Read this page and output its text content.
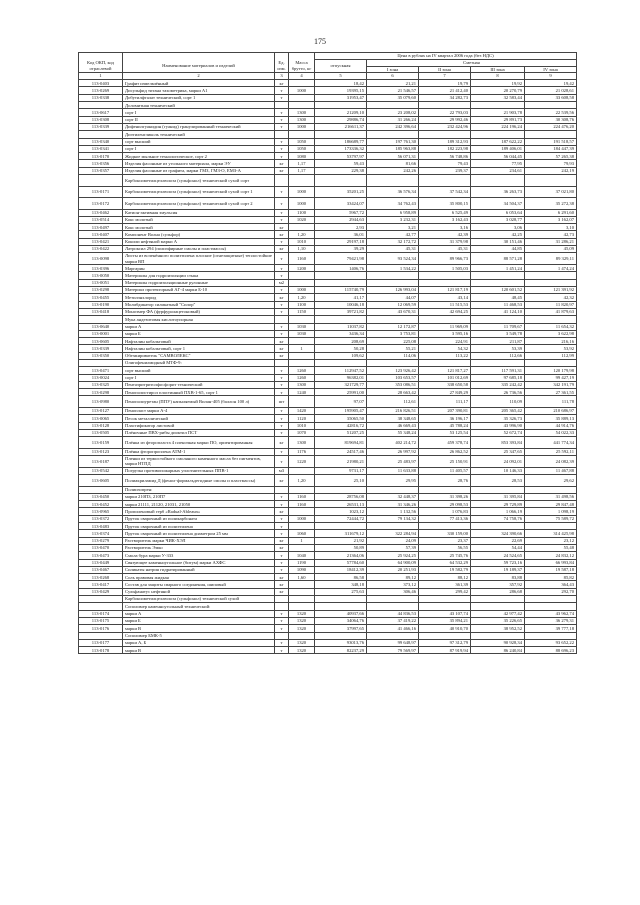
175
Код ОКП, код отраслевой	Наименование материалов и изделий	Ед. изм.	Масса брутто, кг	Цена в рублях на IV квартал 2006 года (без НДС)				
				отпускная	Сметная			
					I зона	II зона	III зона	IV зона
1	2	3	4	5	6	7	8	9
113-0403	Графит измельчённый	кг		18,42	21,21	19,79	19,92	19,42
113-0269	Дисульфид титана тахометрика, марки А1	т	1000	19395,15	21 546,57	21 412,40	20 270,79	21 028,61
113-0338	Добутилфталат технический, сорт 1	т		31953,47	35 079,60	34 282,73	32 583,44	33 608,58
	Доломитная технический							
113-0617	сорт I	т	1300	21209,10	23 208,02	22 793,03	21 903,78	22 539,56
113-0308	сорт II	т	1300	29886,74	31 266,24	29 992,46	29 891,73	30 308,76
113-0339	Дифенилгуанидин (гуанид) гранулированный технический	т	1000	216611,37	242 396,64	232 424,96	224 196,24	224 476,20
	Диэтиленгликоль технический							
113-0340	сорт высший	т	1050	186689,77	197 761,30	189 312,93	187 622,22	191 518,57
113-0341	сорт I	т	1050	173336,32	185 963,88	182 223,98	189 406,01	184 447,39
113-0170	Жидкое мыльное технологическое, сорт 2	т	1080	53797,97	56 071,31	56 748,86	56 044,45	57 265,38
113-0356	Изделия фасонные из угольного материала, марки ЭУ	кг	1,17	59,43	81,66	79,43	77,95	79,93
113-0357	Изделия фасонные из графита, марки ГМЗ, ГМЗ-О, ЕМЗ-А	кг	1,17	229,38	242,26	239,37	234,61	242,19
	Карбоксиметилцеллюлоза (сульфонол) технический сухой сорт							
113-0171	Карбоксиметилцеллюлоза (сульфонол) технический сухой сорт 1	т	1000	35201,25	36 576,34	37 542,34	36 263,73	37 021,80
113-0172	Карбоксиметилцеллюлоза (сульфонол) технический сухой сорт 2	т	1000	33424,07	34 762,43	35 800,15	34 504,37	35 272,38
113-0462	Катион-активная эмульсия	т	1100	5967,72	6 958,89	6 525,49	6 053,64	6 291,60
113-0514	Кокс молотый	т	1020	2944,63	3 232,31	3 162,43	3 028,77	3 162,07
113-0497	Кокс молотый	кг		2,93	3,21	3,16	3,06	3,10
113-0407	Компонент Волна (сульфор)	кг	1,20	36,01	42,77	42,39	42,25	42,73
113-0421	Кокили нефтяной марки А	т	1010	29197,18	32 172,72	31 379,98	30 151,46	31 286,21
113-0422	Латроксил 294 (полиэфирные смолы и пластмассы)	кг	1,10	39,29	45,31	45,31	44,85	45,09
113-0098	Листы из вспенённого полиэтилена плоские (огнезащитные) теплостойкие марки ВП	т	1160	79421,98	93 524,34	89 966,73	88 571,28	89 329,11
113-0396	Маргарин	т	1200	1406,76	1 534,22	1 505,03	1 451,24	1 474,24
113-0050	Материалы для гидроизоляции стыка	т						
113-0051	Материалы гидроизоляционные рулонные	м2						
113-0298	Материал протекторный АГ-4 марки Б-10	т	1000	115740,79	126 993,04	121 817,19	120 601,52	121 391,92
113-0455	Метилэнхлорид	кг	1,20	41,17	44,07	43,14	48,45	42,32
113-0190	Молибдикатор силикатный "Силор"	т	1100	10046,18	12 069,59	11 515,53	11 468,53	11 820,97
113-0418	Моноэмер ФА (фурфуролацетоновый)	т	1150	39721,82	43 670,31	42 694,25	41 124,10	41 879,63
	Мука андезитовая кислотоупорная							
113-0640	марки А	т	1030	11037,82	12 172,87	11 969,09	11 709,67	11 654,32
113-0001	марки Б	т	1030	3436,34	3 753,81	3 595,16	3 549,78	3 622,98
113-0605	Нафталин кобальтовый	кг		208,69	225,08	224,91	211,87	216,16
113-0339	Нафталин кобальтовый, сорт 1	кг	1	50,28	55,21	54,32	53,39	53,92
113-0350	Обезжириватель "САМВОЛЕКС"	кг		109,62	114,06	113,22	112,66	112,99
	Олигофенилмидный МТФ-9:							
113-0471	сорт высший	т	1260	112947,52	123 926,42	121 817,27	117 591,31	120 179,98
113-0024	сорт I	т	1260	96382,01	103 653,57	101 012,69	97 685,18	99 427,19
113-0325	Пентаэритритолфосфорит технический	т	1300	321729,77	353 086,51	338 650,58	335 242,42	342 191,79
113-0298	Пенополистирол пластинный ПХВ-1-65, сорт 1	т	1240	25991,00	28 663,42	27 849,29	26 736,56	27 361,55
113-0980	Пенополиуретан (ППУ) напыляемый Вилан-405 (баллон 100 л)	шт		97,07	112,61	111,17	110,09	111,78
113-0127	Пенопласт марки А-4	т	1420	195905,47	216 826,51	207 390,81	205 365,42	210 686,97
113-0065	Песок металлический	т	1120	35065,50	38 348,65	36 196,17	35 326,73	35 889,13
113-0128	Пластификатор листовой	т	1010	42816,72	46 669,43	45 788,24	43 996,90	44 914,76
113-0505	Плёночные ПВХ-рибы диоктил ПСТ	т	1070	51207,25	55 348,24	53 125,54	52 672,74	54 022,33
113-0159	Плёнка из фторопласта 4 пленочная марки ПО, ориентированная	кг	1300	819694,81	402 214,72	459 378,74	853 393,84	441 774,34
113-0123	Плёнка фторопроплена АТМ-1	т	1176	24517,46	26 997,92	26 862,52	25 347,65	25 592,11
113-0187	Пленки из термостойкого смоляного каменного масла без пигментов, марки НТПД	т	1220	21980,21	25 483,97	25 150,91	24 092,01	24 082,39
113-0542	Погрузка противопожарных уплотнительных ППВ-1	м3		9731,17	11 633,88	11 405,57	10 146,33	11 467,88
113-0605	Полиакриламид Д (фенол-формальдегидные смолы и пластмассы)	кг	1,20	25,10	29,95	28,76	28,53	29,62
	Полиизопрен:							
113-0450	марки 210П3, 210П7	т	1160	28756,08	32 448,37	31 398,26	31 395,84	31 498,56
113-0452	марки 21111, 21120, 21031, 21050	т	1160	26531,13	31 346,26	29 098,53	29 729,89	29 847,48
113-0965	Пропиленовый герб «Radual-Ableaun»	кг		1023,12	1 132,56	1 076,83	1 066,19	1 098,19
113-0372	Пруток сварочный из поликарбоната	т	1000	72444,72	79 134,32	77 413,36	74 758,76	75 589,72
113-0483	Пруток сварочный из полиэтилена	т						
113-0374	Пруток сварочный из полиэтилена диаметром 25 мм	т	1060	311679,12	322 284,94	330 159,00	324 390,66	314 425,98
113-0279	Растворитель марки ЧИК-ХЭЛ	кг	1	21,92	24,09	23,37	22,69	23,12
113-0470	Растворитель Эмко	кг		50,89	57,39	56,55	54,44	55,48
113-0473	Смола бура марки У-333	т	1040	21364,06	25 924,25	25 745,76	24 524,65	24 832,12
113-0449	Связующее каменноугольное (битум) марки АХФС	т	1190	57784,60	64 900,09	64 532,29	59 723,16	66 993,84
113-0467	Силикаты натрия гидратированный	т	1090	18412,39	20 251,93	19 582,79	19 189,37	19 587,18
113-0268	Соль правовая жидкая	кг	1,60	86,58	89,12	88,12	83,88	85,82
113-0417	Состав для защиты сварного соединения, шиповый	кг		348,18	373,12	361,39	357,92	364,43
113-0429	Сульфанатус нефтяной	кг		275,63	306,46	299,42	286,68	292,70
	Карбоксиметилцеллюлоза (сульфонол) технической сухой							
	Сополимер каменноугольный технический:							
113-0174	марки А	т	1320	40937,66	44 836,53	43 107,74	42 977,42	43 962,74
113-0175	марки Б	т	1320	34064,76	37 419,22	35 894,21	35 226,65	36 279,31
113-0176	марки В	т	1320	37997,65	41 466,16	40 910,70	38 952,52	39 777,18
	Сополимер БМК-5							
113-0177	марки А, Б	т	1320	93013,76	99 648,97	97 312,79	90 928,34	93 652,22
113-0178	марки В	т	1320	82237,29	79 569,97	87 919,94	86 240,84	88 696,23
